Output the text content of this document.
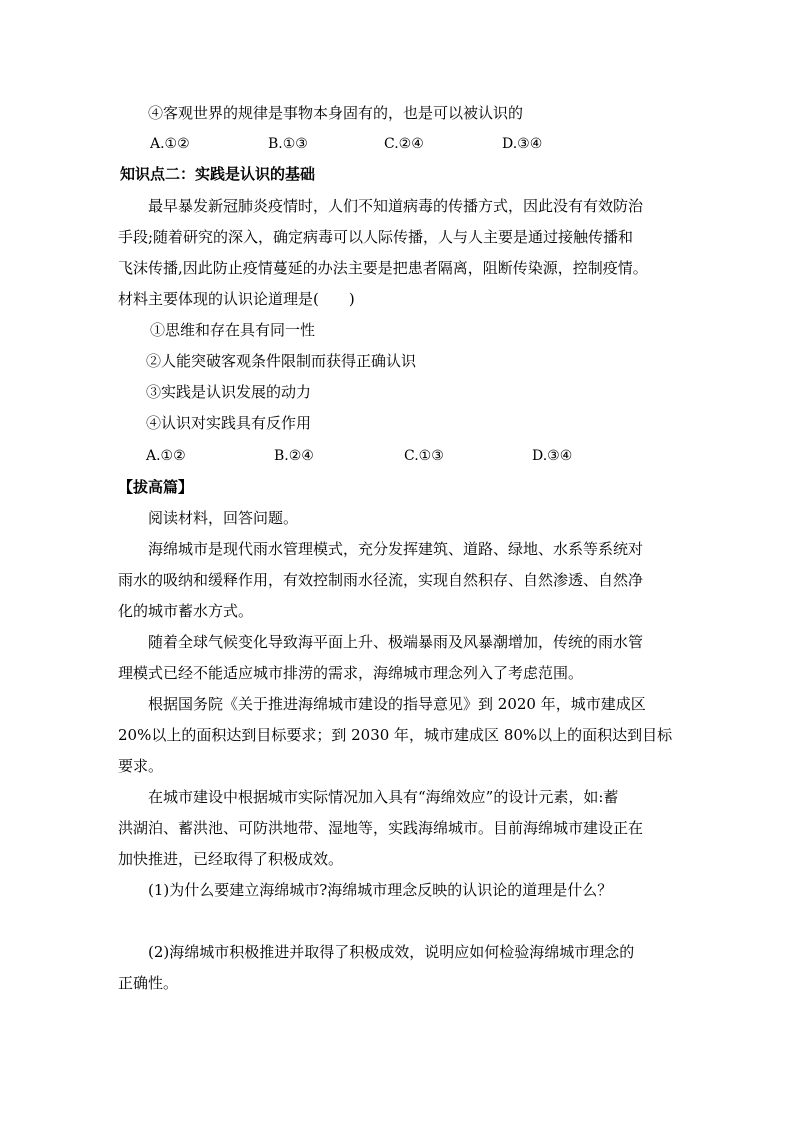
④客观世界的规律是事物本身固有的，也是可以被认识的
A.①②	B.①③	C.②④	D.③④
知识点二：实践是认识的基础
最早暴发新冠肺炎疫情时，人们不知道病毒的传播方式，因此没有有效防治
手段;随着研究的深入，确定病毒可以人际传播，人与人主要是通过接触传播和
飞沫传播,因此防止疫情蔓延的办法主要是把患者隔离，阻断传染源，控制疫情。
材料主要体现的认识论道理是(　　)
①思维和存在具有同一性
②人能突破客观条件限制而获得正确认识
③实践是认识发展的动力
④认识对实践具有反作用
A.①②	B.②④	C.①③	D.③④
【拔高篇】
阅读材料，回答问题。
海绵城市是现代雨水管理模式，充分发挥建筑、道路、绿地、水系等系统对
雨水的吸纳和缓释作用，有效控制雨水径流，实现自然积存、自然渗透、自然净
化的城市蓄水方式。
随着全球气候变化导致海平面上升、极端暴雨及风暴潮增加，传统的雨水管
理模式已经不能适应城市排涝的需求，海绵城市理念列入了考虑范围。
根据国务院《关于推进海绵城市建设的指导意见》到 2020 年，城市建成区
20%以上的面积达到目标要求；到 2030 年，城市建成区 80%以上的面积达到目标
要求。
在城市建设中根据城市实际情况加入具有“海绵效应”的设计元素，如:蓄
洪湖泊、蓄洪池、可防洪地带、湿地等，实践海绵城市。目前海绵城市建设正在
加快推进，已经取得了积极成效。
(1)为什么要建立海绵城市?海绵城市理念反映的认识论的道理是什么？
(2)海绵城市积极推进并取得了积极成效，说明应如何检验海绵城市理念的
正确性。
